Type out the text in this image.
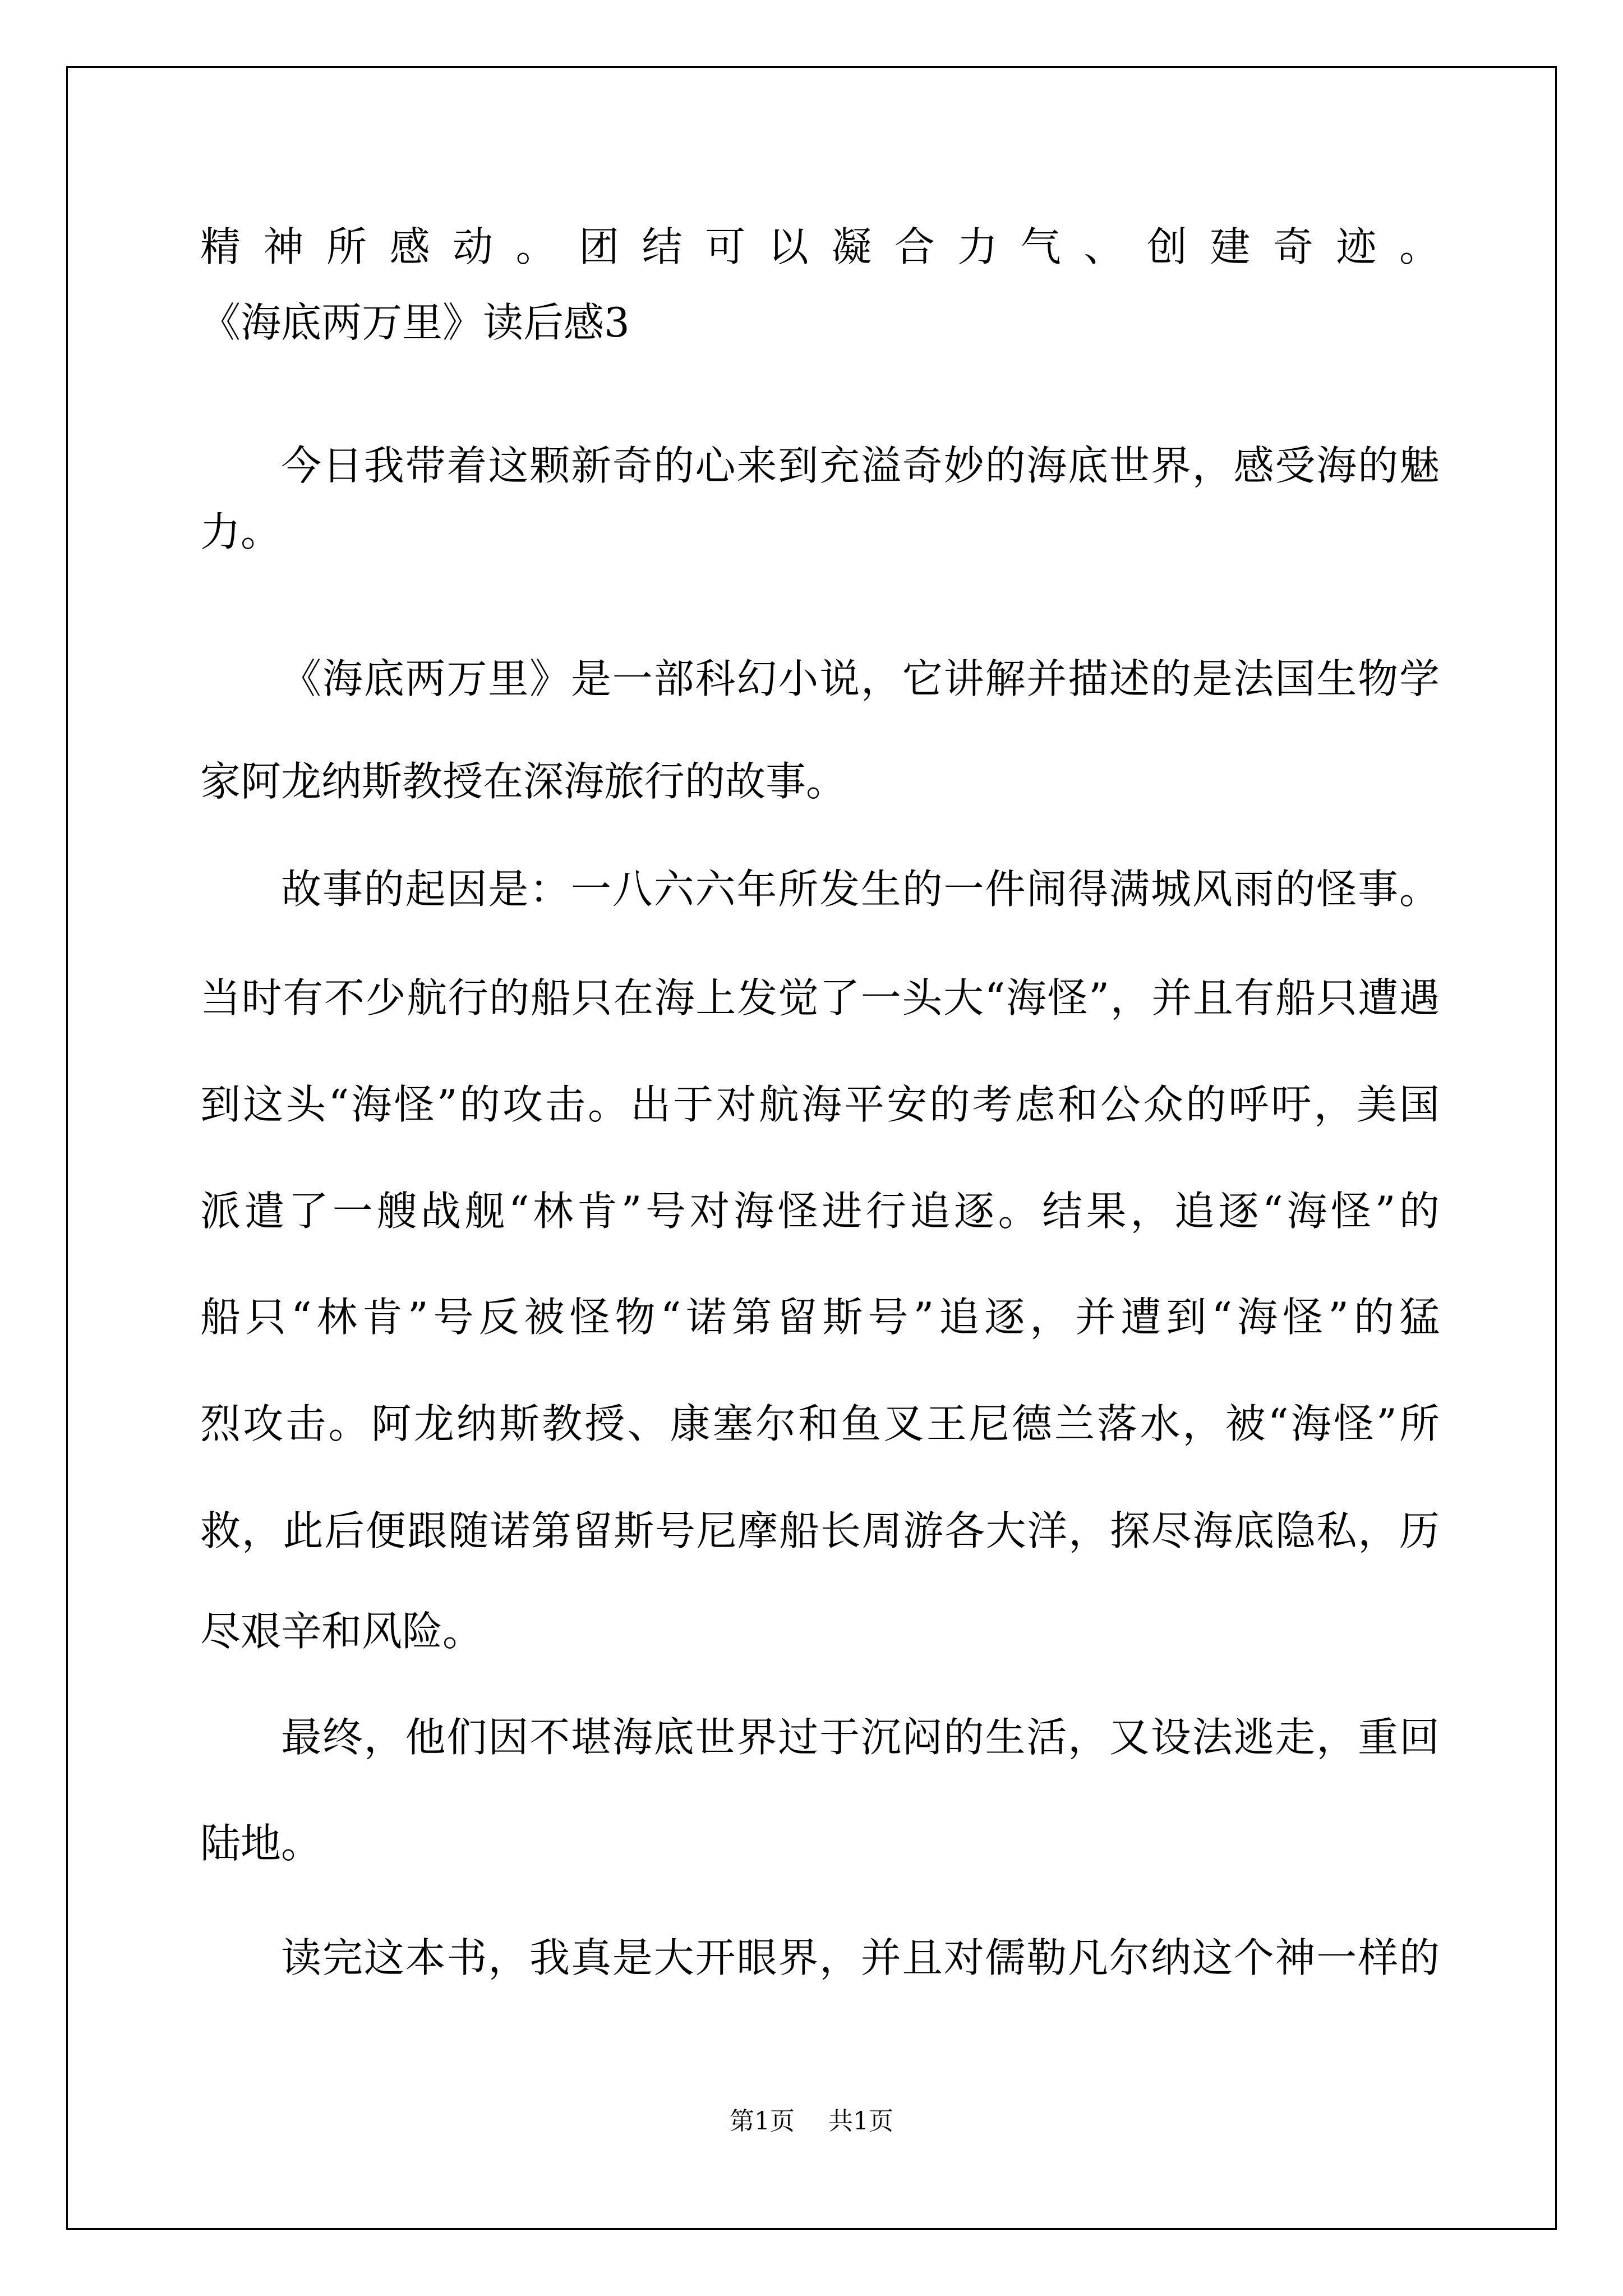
精神所感动。团结可以凝合力气、创建奇迹。
《海底两万里》读后感3
今日我带着这颗新奇的心来到充溢奇妙的海底世界，感受海的魅
力。
《海底两万里》是一部科幻小说，它讲解并描述的是法国生物学
家阿龙纳斯教授在深海旅行的故事。
故事的起因是：一八六六年所发生的一件闹得满城风雨的怪事。
当时有不少航行的船只在海上发觉了一头大“海怪”，并且有船只遭遇
到这头“海怪”的攻击。出于对航海平安的考虑和公众的呼吁，美国
派遣了一艘战舰“林肯”号对海怪进行追逐。结果，追逐“海怪”的
船只“林肯”号反被怪物“诺第留斯号”追逐，并遭到“海怪”的猛
烈攻击。阿龙纳斯教授、康塞尔和鱼叉王尼德兰落水，被“海怪”所
救，此后便跟随诺第留斯号尼摩船长周游各大洋，探尽海底隐私，历
尽艰辛和风险。
最终，他们因不堪海底世界过于沉闷的生活，又设法逃走，重回
陆地。
读完这本书，我真是大开眼界，并且对儒勒凡尔纳这个神一样的
第1页 共1页
